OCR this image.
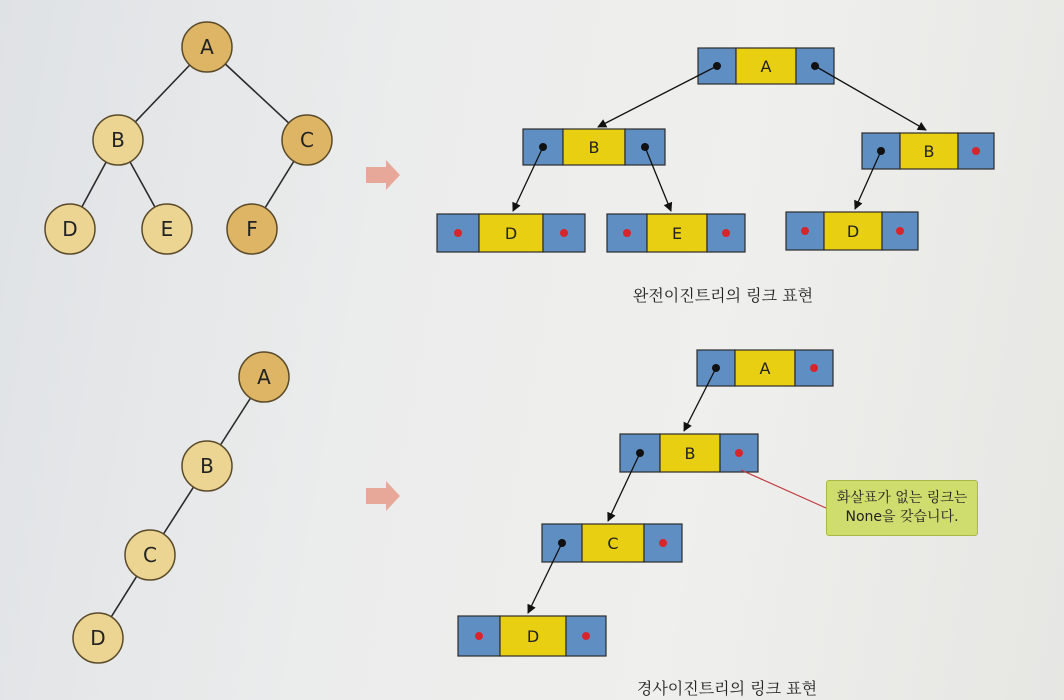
A
B	C
D	E	F
A
B
C
D
A
B	B
D	E	D
완전이진트리의 링크 표현
A
B
C
D
경사이진트리의 링크 표현
화살표가 없는 링크는
None을 갖습니다.
